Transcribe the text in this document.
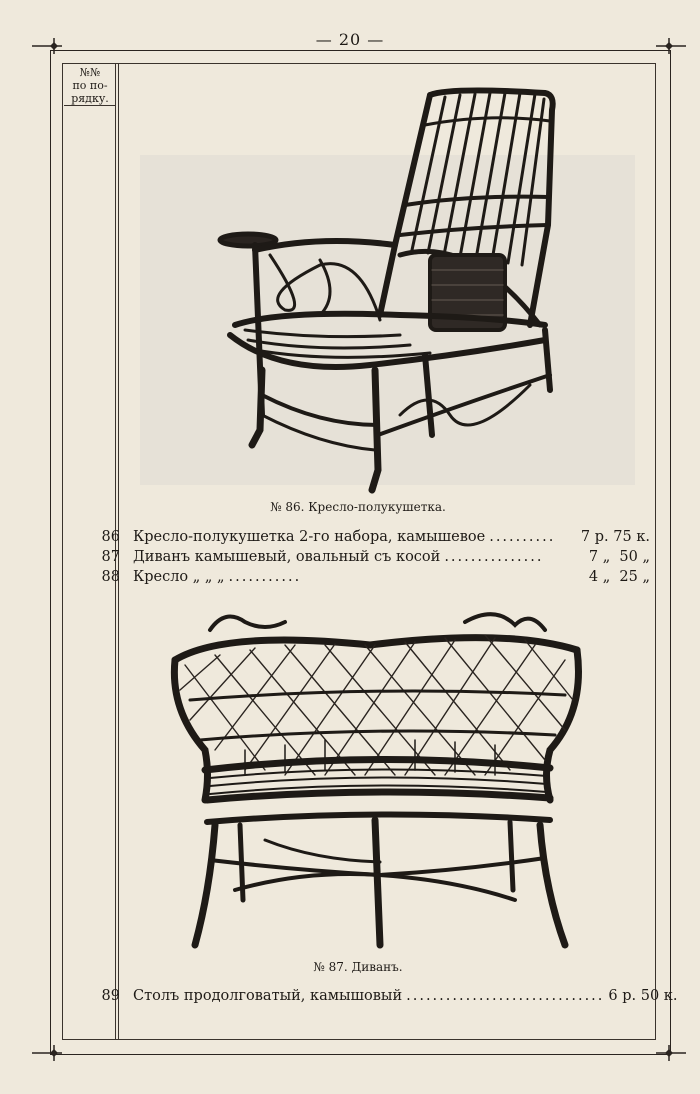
— 20 —
№№
по по-
рядку.
№ 86. Кресло-полукушетка.
86 Кресло-полукушетка 2-го набора, камышевое ..........	7 р. 75 к.
87 Диванъ камышевый, овальный съ косой ...............	7 „  50 „
88 Кресло „ „ „ ...........	4 „  25 „
№ 87. Диванъ.
89 Столъ продолговатый, камышовый .............................. 6 р. 50 к.
